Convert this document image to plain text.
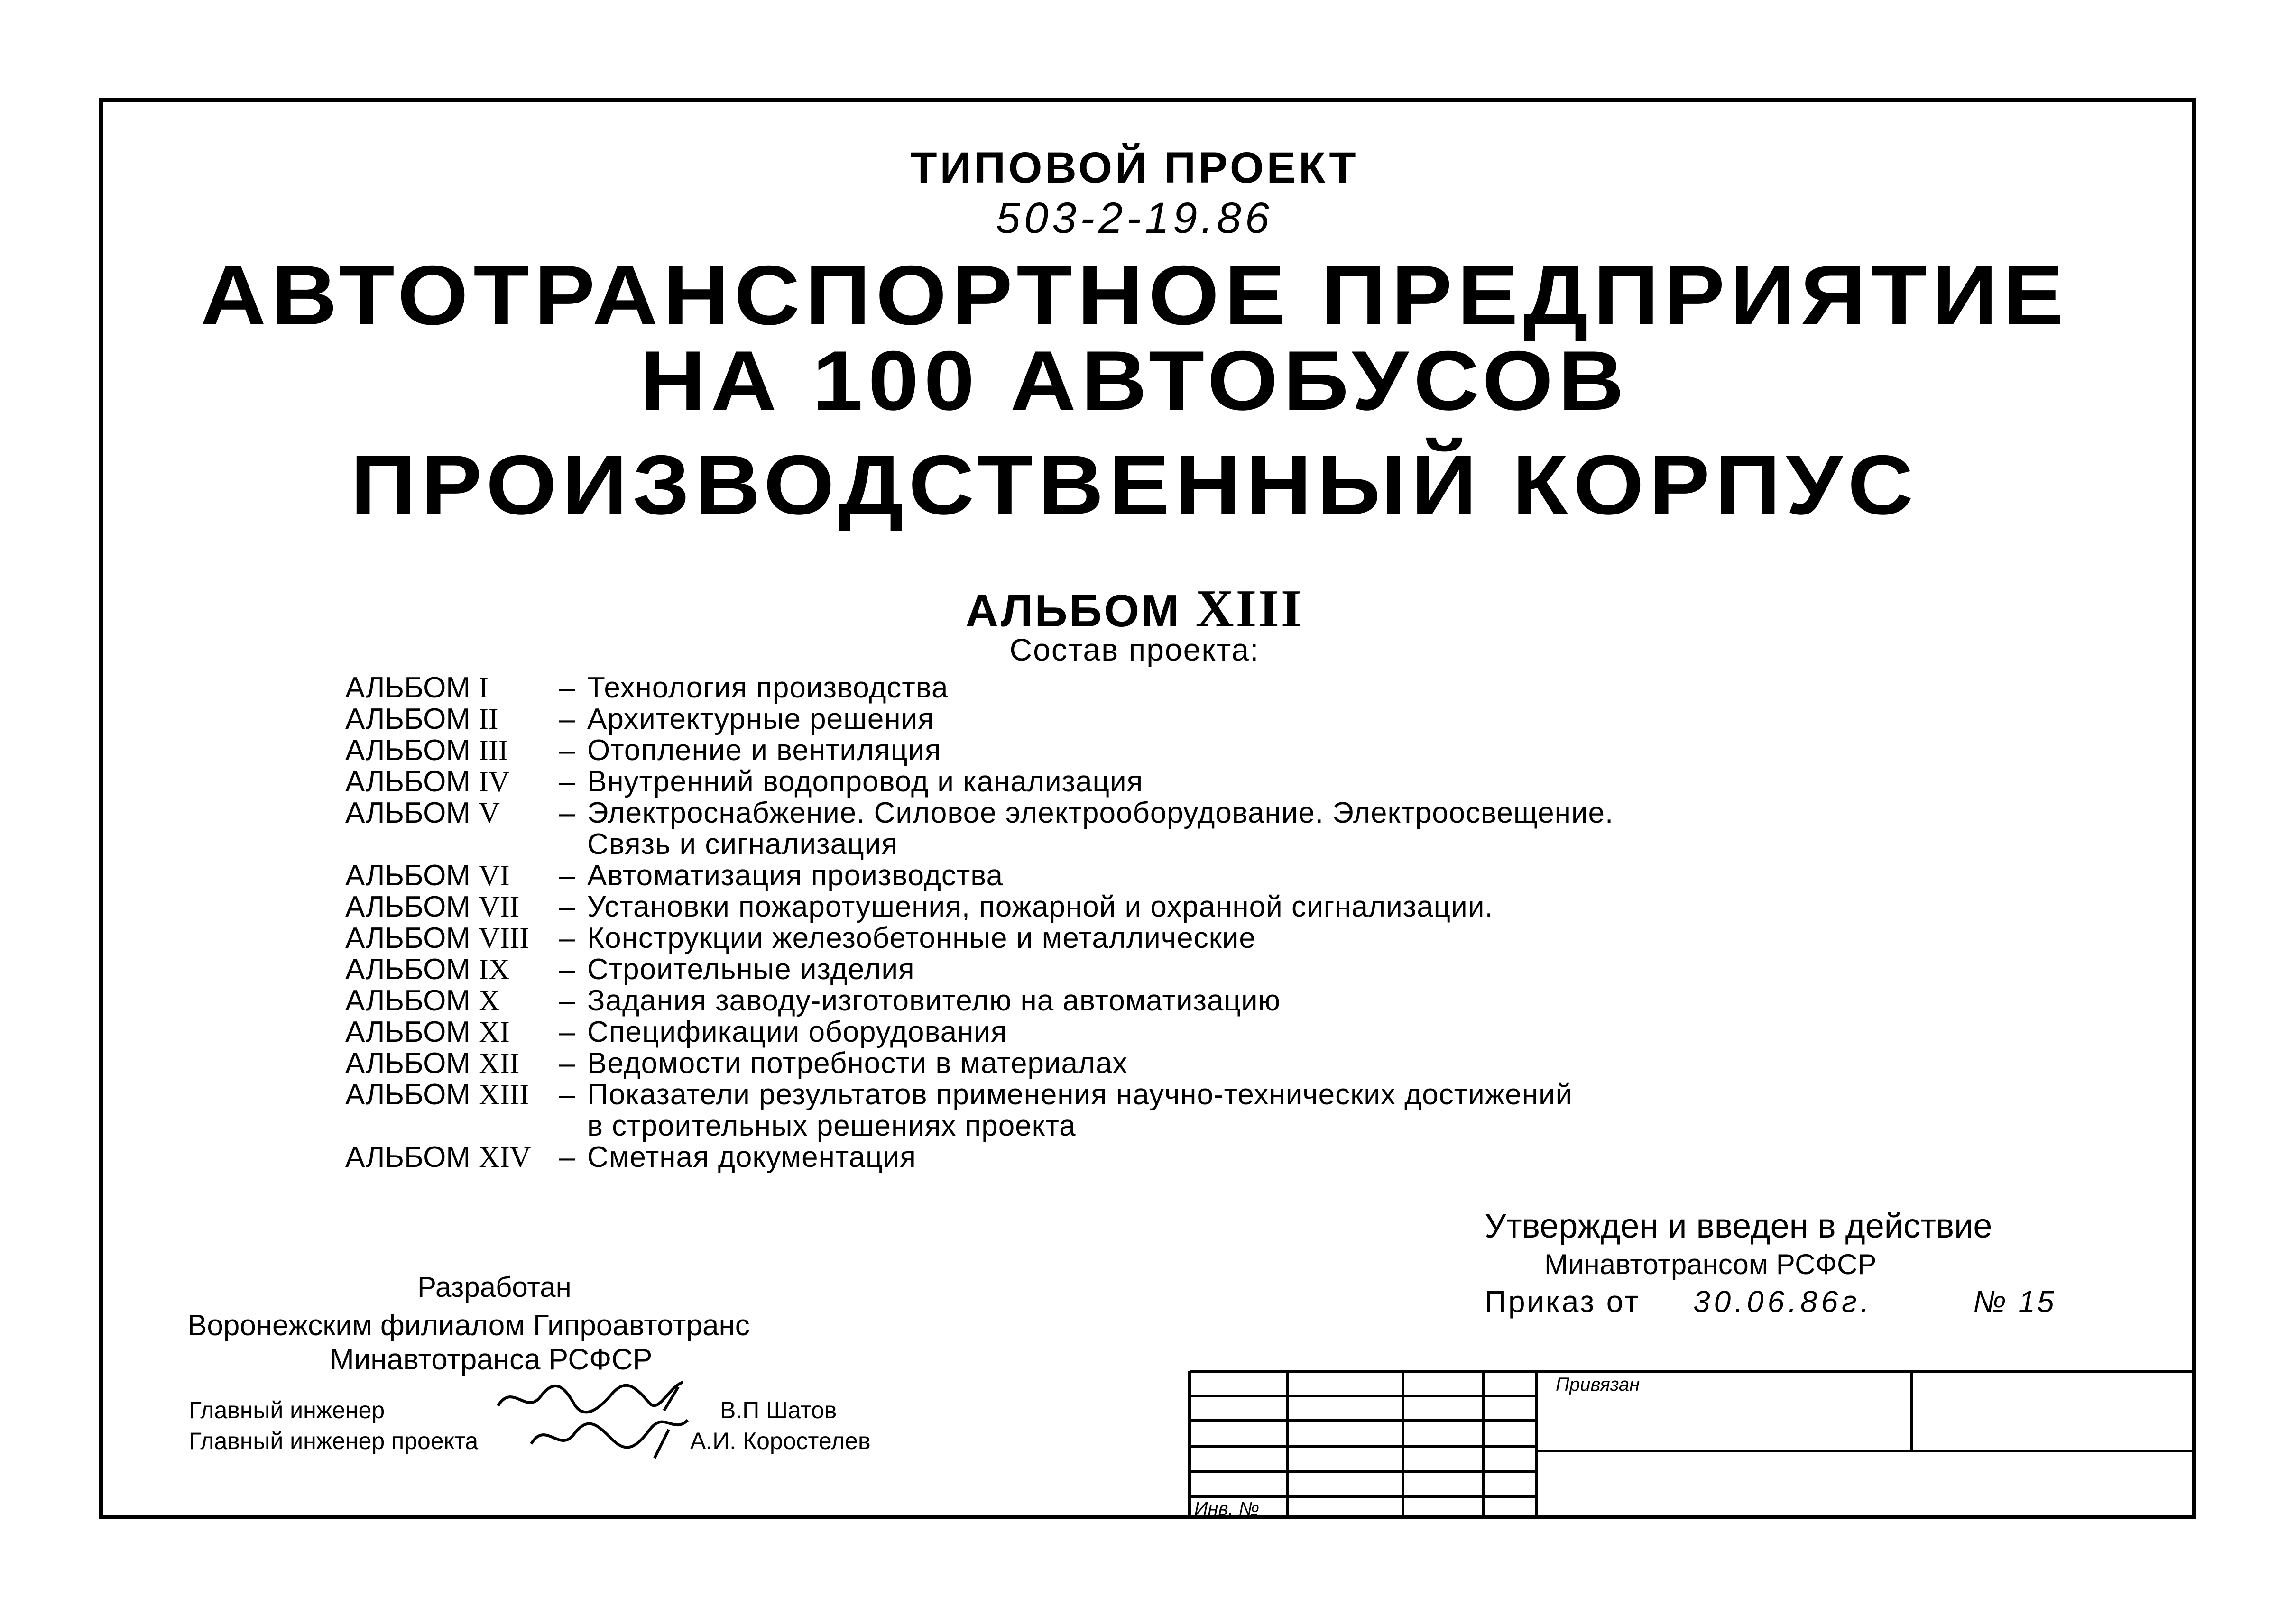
ТИПОВОЙ ПРОЕКТ
503-2-19.86
АВТОТРАНСПОРТНОЕ ПРЕДПРИЯТИЕ
НА 100 АВТОБУСОВ
ПРОИЗВОДСТВЕННЫЙ КОРПУС
АЛЬБОМ XIII
Состав проекта:
АЛЬБОМ I	– Технология производства
АЛЬБОМ II	– Архитектурные решения
АЛЬБОМ III	– Отопление и вентиляция
АЛЬБОМ IV	– Внутренний водопровод и канализация
АЛЬБОМ V	– Электроснабжение. Силовое электрооборудование. Электроосвещение.

Связь и сигнализация
АЛЬБОМ VI	– Автоматизация производства
АЛЬБОМ VII	– Установки пожаротушения, пожарной и охранной сигнализации.
АЛЬБОМ VIII	– Конструкции железобетонные и металлические
АЛЬБОМ IX	– Строительные изделия
АЛЬБОМ X	– Задания заводу-изготовителю на автоматизацию
АЛЬБОМ XI	– Спецификации оборудования
АЛЬБОМ XII	– Ведомости потребности в материалах
АЛЬБОМ XIII	– Показатели результатов применения научно-технических достижений

в строительных решениях проекта
АЛЬБОМ XIV – Сметная документация
Утвержден и введен в действие
Минавтотрансом РСФСР
Приказ от 30.06.86г.	№ 15
Разработан
Воронежским филиалом Гипроавтотранс
Минавтотранса РСФСР
Главный инженер
Главный инженер проекта
В.П Шатов
А.И. Коростелев
Привязан
Инв. №
